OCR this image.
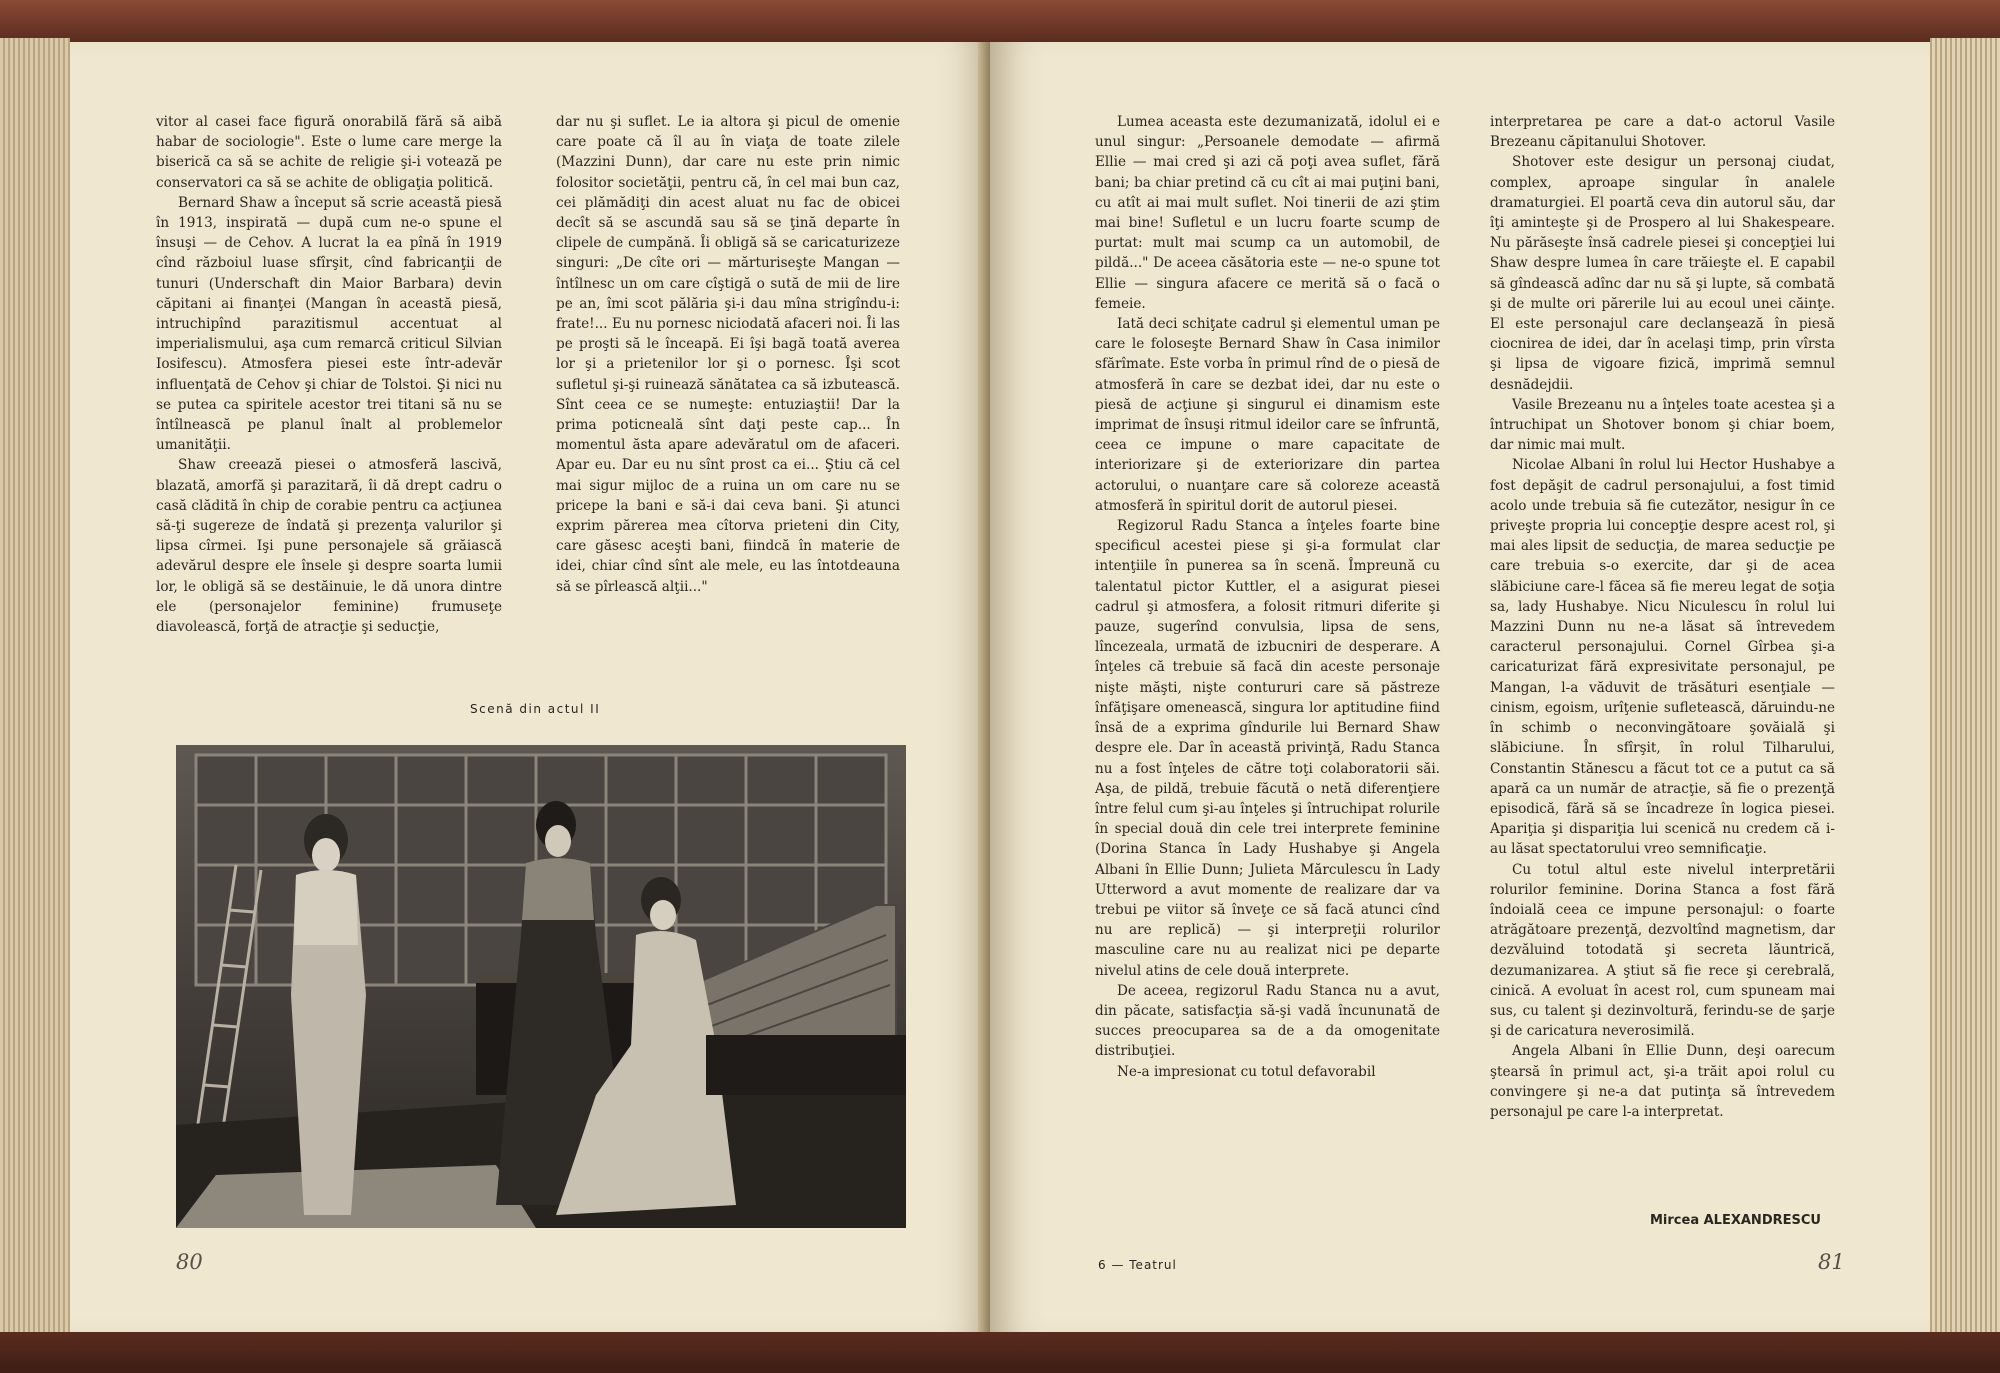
vitor al casei face figură onorabilă fără să aibă habar de sociologie". Este o lume care merge la biserică ca să se achite de religie şi-i votează pe conservatori ca să se achite de obligaţia politică.

Bernard Shaw a început să scrie această piesă în 1913, inspirată — după cum ne-o spune el însuşi — de Cehov. A lucrat la ea pînă în 1919 cînd războiul luase sfîrşit, cînd fabricanţii de tunuri (Underschaft din Maior Barbara) devin căpitani ai finanţei (Mangan în această piesă, intruchipînd parazitismul accentuat al imperialismului, aşa cum remarcă criticul Silvian Iosifescu). Atmosfera piesei este într-adevăr influenţată de Cehov şi chiar de Tolstoi. Şi nici nu se putea ca spiritele acestor trei titani să nu se întîlnească pe planul înalt al problemelor umanităţii.

Shaw creează piesei o atmosferă lascivă, blazată, amorfă şi parazitară, îi dă drept cadru o casă clădită în chip de corabie pentru ca acţiunea să-ţi sugereze de îndată şi prezenţa valurilor şi lipsa cîrmei. Işi pune personajele să grăiască adevărul despre ele însele şi despre soarta lumii lor, le obligă să se destăinuie, le dă unora dintre ele (personajelor feminine) frumuseţe diavolească, forţă de atracţie şi seducţie,

dar nu şi suflet. Le ia altora şi picul de omenie care poate că îl au în viaţa de toate zilele (Mazzini Dunn), dar care nu este prin nimic folositor societăţii, pentru că, în cel mai bun caz, cei plămădiţi din acest aluat nu fac de obicei decît să se ascundă sau să se ţină departe în clipele de cumpănă. Îi obligă să se caricaturizeze singuri: „De cîte ori — mărturiseşte Mangan — întîlnesc un om care cîştigă o sută de mii de lire pe an, îmi scot pălăria şi-i dau mîna strigîndu-i: frate!... Eu nu pornesc niciodată afaceri noi. Îi las pe proşti să le înceapă. Ei îşi bagă toată averea lor şi a prietenilor lor şi o pornesc. Îşi scot sufletul şi-şi ruinează sănătatea ca să izbutească. Sînt ceea ce se numeşte: entuziaştii! Dar la prima poticneală sînt daţi peste cap... În momentul ăsta apare adevăratul om de afaceri. Apar eu. Dar eu nu sînt prost ca ei... Ştiu că cel mai sigur mijloc de a ruina un om care nu se pricepe la bani e să-i dai ceva bani. Şi atunci exprim părerea mea cîtorva prieteni din City, care găsesc aceşti bani, fiindcă în materie de idei, chiar cînd sînt ale mele, eu las întotdeauna să se pîrlească alţii..."

Scenă din actul II
80

Lumea aceasta este dezumanizată, idolul ei e unul singur: „Persoanele demodate — afirmă Ellie — mai cred şi azi că poţi avea suflet, fără bani; ba chiar pretind că cu cît ai mai puţini bani, cu atît ai mai mult suflet. Noi tinerii de azi ştim mai bine! Sufletul e un lucru foarte scump de purtat: mult mai scump ca un automobil, de pildă..." De aceea căsătoria este — ne-o spune tot Ellie — singura afacere ce merită să o facă o femeie.

Iată deci schiţate cadrul şi elementul uman pe care le foloseşte Bernard Shaw în Casa inimilor sfărîmate. Este vorba în primul rînd de o piesă de atmosferă în care se dezbat idei, dar nu este o piesă de acţiune şi singurul ei dinamism este imprimat de însuşi ritmul ideilor care se înfruntă, ceea ce impune o mare capacitate de interiorizare şi de exteriorizare din partea actorului, o nuanţare care să coloreze această atmosferă în spiritul dorit de autorul piesei.

Regizorul Radu Stanca a înţeles foarte bine specificul acestei piese şi şi-a formulat clar intenţiile în punerea sa în scenă. Împreună cu talentatul pictor Kuttler, el a asigurat piesei cadrul şi atmosfera, a folosit ritmuri diferite şi pauze, sugerînd convulsia, lipsa de sens, lîncezeala, urmată de izbucniri de desperare. A înţeles că trebuie să facă din aceste personaje nişte măşti, nişte contururi care să păstreze înfăţişare omenească, singura lor aptitudine fiind însă de a exprima gîndurile lui Bernard Shaw despre ele. Dar în această privinţă, Radu Stanca nu a fost înţeles de către toţi colaboratorii săi. Aşa, de pildă, trebuie făcută o netă diferenţiere între felul cum şi-au înţeles şi întruchipat rolurile în special două din cele trei interprete feminine (Dorina Stanca în Lady Hushabye şi Angela Albani în Ellie Dunn; Julieta Mărculescu în Lady Utterword a avut momente de realizare dar va trebui pe viitor să înveţe ce să facă atunci cînd nu are replică) — şi interpreţii rolurilor masculine care nu au realizat nici pe departe nivelul atins de cele două interprete.

De aceea, regizorul Radu Stanca nu a avut, din păcate, satisfacţia să-şi vadă încununată de succes preocuparea sa de a da omogenitate distribuţiei.

Ne-a impresionat cu totul defavorabil

interpretarea pe care a dat-o actorul Vasile Brezeanu căpitanului Shotover.

Shotover este desigur un personaj ciudat, complex, aproape singular în analele dramaturgiei. El poartă ceva din autorul său, dar îţi aminteşte şi de Prospero al lui Shakespeare. Nu părăseşte însă cadrele piesei şi concepţiei lui Shaw despre lumea în care trăieşte el. E capabil să gîndească adînc dar nu să şi lupte, să combată şi de multe ori părerile lui au ecoul unei căinţe. El este personajul care declanşează în piesă ciocnirea de idei, dar în acelaşi timp, prin vîrsta şi lipsa de vigoare fizică, imprimă semnul desnădejdii.

Vasile Brezeanu nu a înţeles toate acestea şi a întruchipat un Shotover bonom şi chiar boem, dar nimic mai mult.

Nicolae Albani în rolul lui Hector Hushabye a fost depăşit de cadrul personajului, a fost timid acolo unde trebuia să fie cutezător, nesigur în ce priveşte propria lui concepţie despre acest rol, şi mai ales lipsit de seducţia, de marea seducţie pe care trebuia s-o exercite, dar şi de acea slăbiciune care-l făcea să fie mereu legat de soţia sa, lady Hushabye. Nicu Niculescu în rolul lui Mazzini Dunn nu ne-a lăsat să întrevedem caracterul personajului. Cornel Gîrbea şi-a caricaturizat fără expresivitate personajul, pe Mangan, l-a văduvit de trăsături esenţiale — cinism, egoism, urîţenie sufletească, dăruindu-ne în schimb o neconvingătoare şovăială şi slăbiciune. În sfîrşit, în rolul Tilharului, Constantin Stănescu a făcut tot ce a putut ca să apară ca un număr de atracţie, să fie o prezenţă episodică, fără să se încadreze în logica piesei. Apariţia şi dispariţia lui scenică nu credem că i-au lăsat spectatorului vreo semnificaţie.

Cu totul altul este nivelul interpretării rolurilor feminine. Dorina Stanca a fost fără îndoială ceea ce impune personajul: o foarte atrăgătoare prezenţă, dezvoltînd magnetism, dar dezvăluind totodată şi secreta lăuntrică, dezumanizarea. A ştiut să fie rece şi cerebrală, cinică. A evoluat în acest rol, cum spuneam mai sus, cu talent şi dezinvoltură, ferindu-se de şarje şi de caricatura neverosimilă.

Angela Albani în Ellie Dunn, deşi oarecum ştearsă în primul act, şi-a trăit apoi rolul cu convingere şi ne-a dat putinţa să întrevedem personajul pe care l-a interpretat.

Mircea ALEXANDRESCU
6 — Teatrul	81
